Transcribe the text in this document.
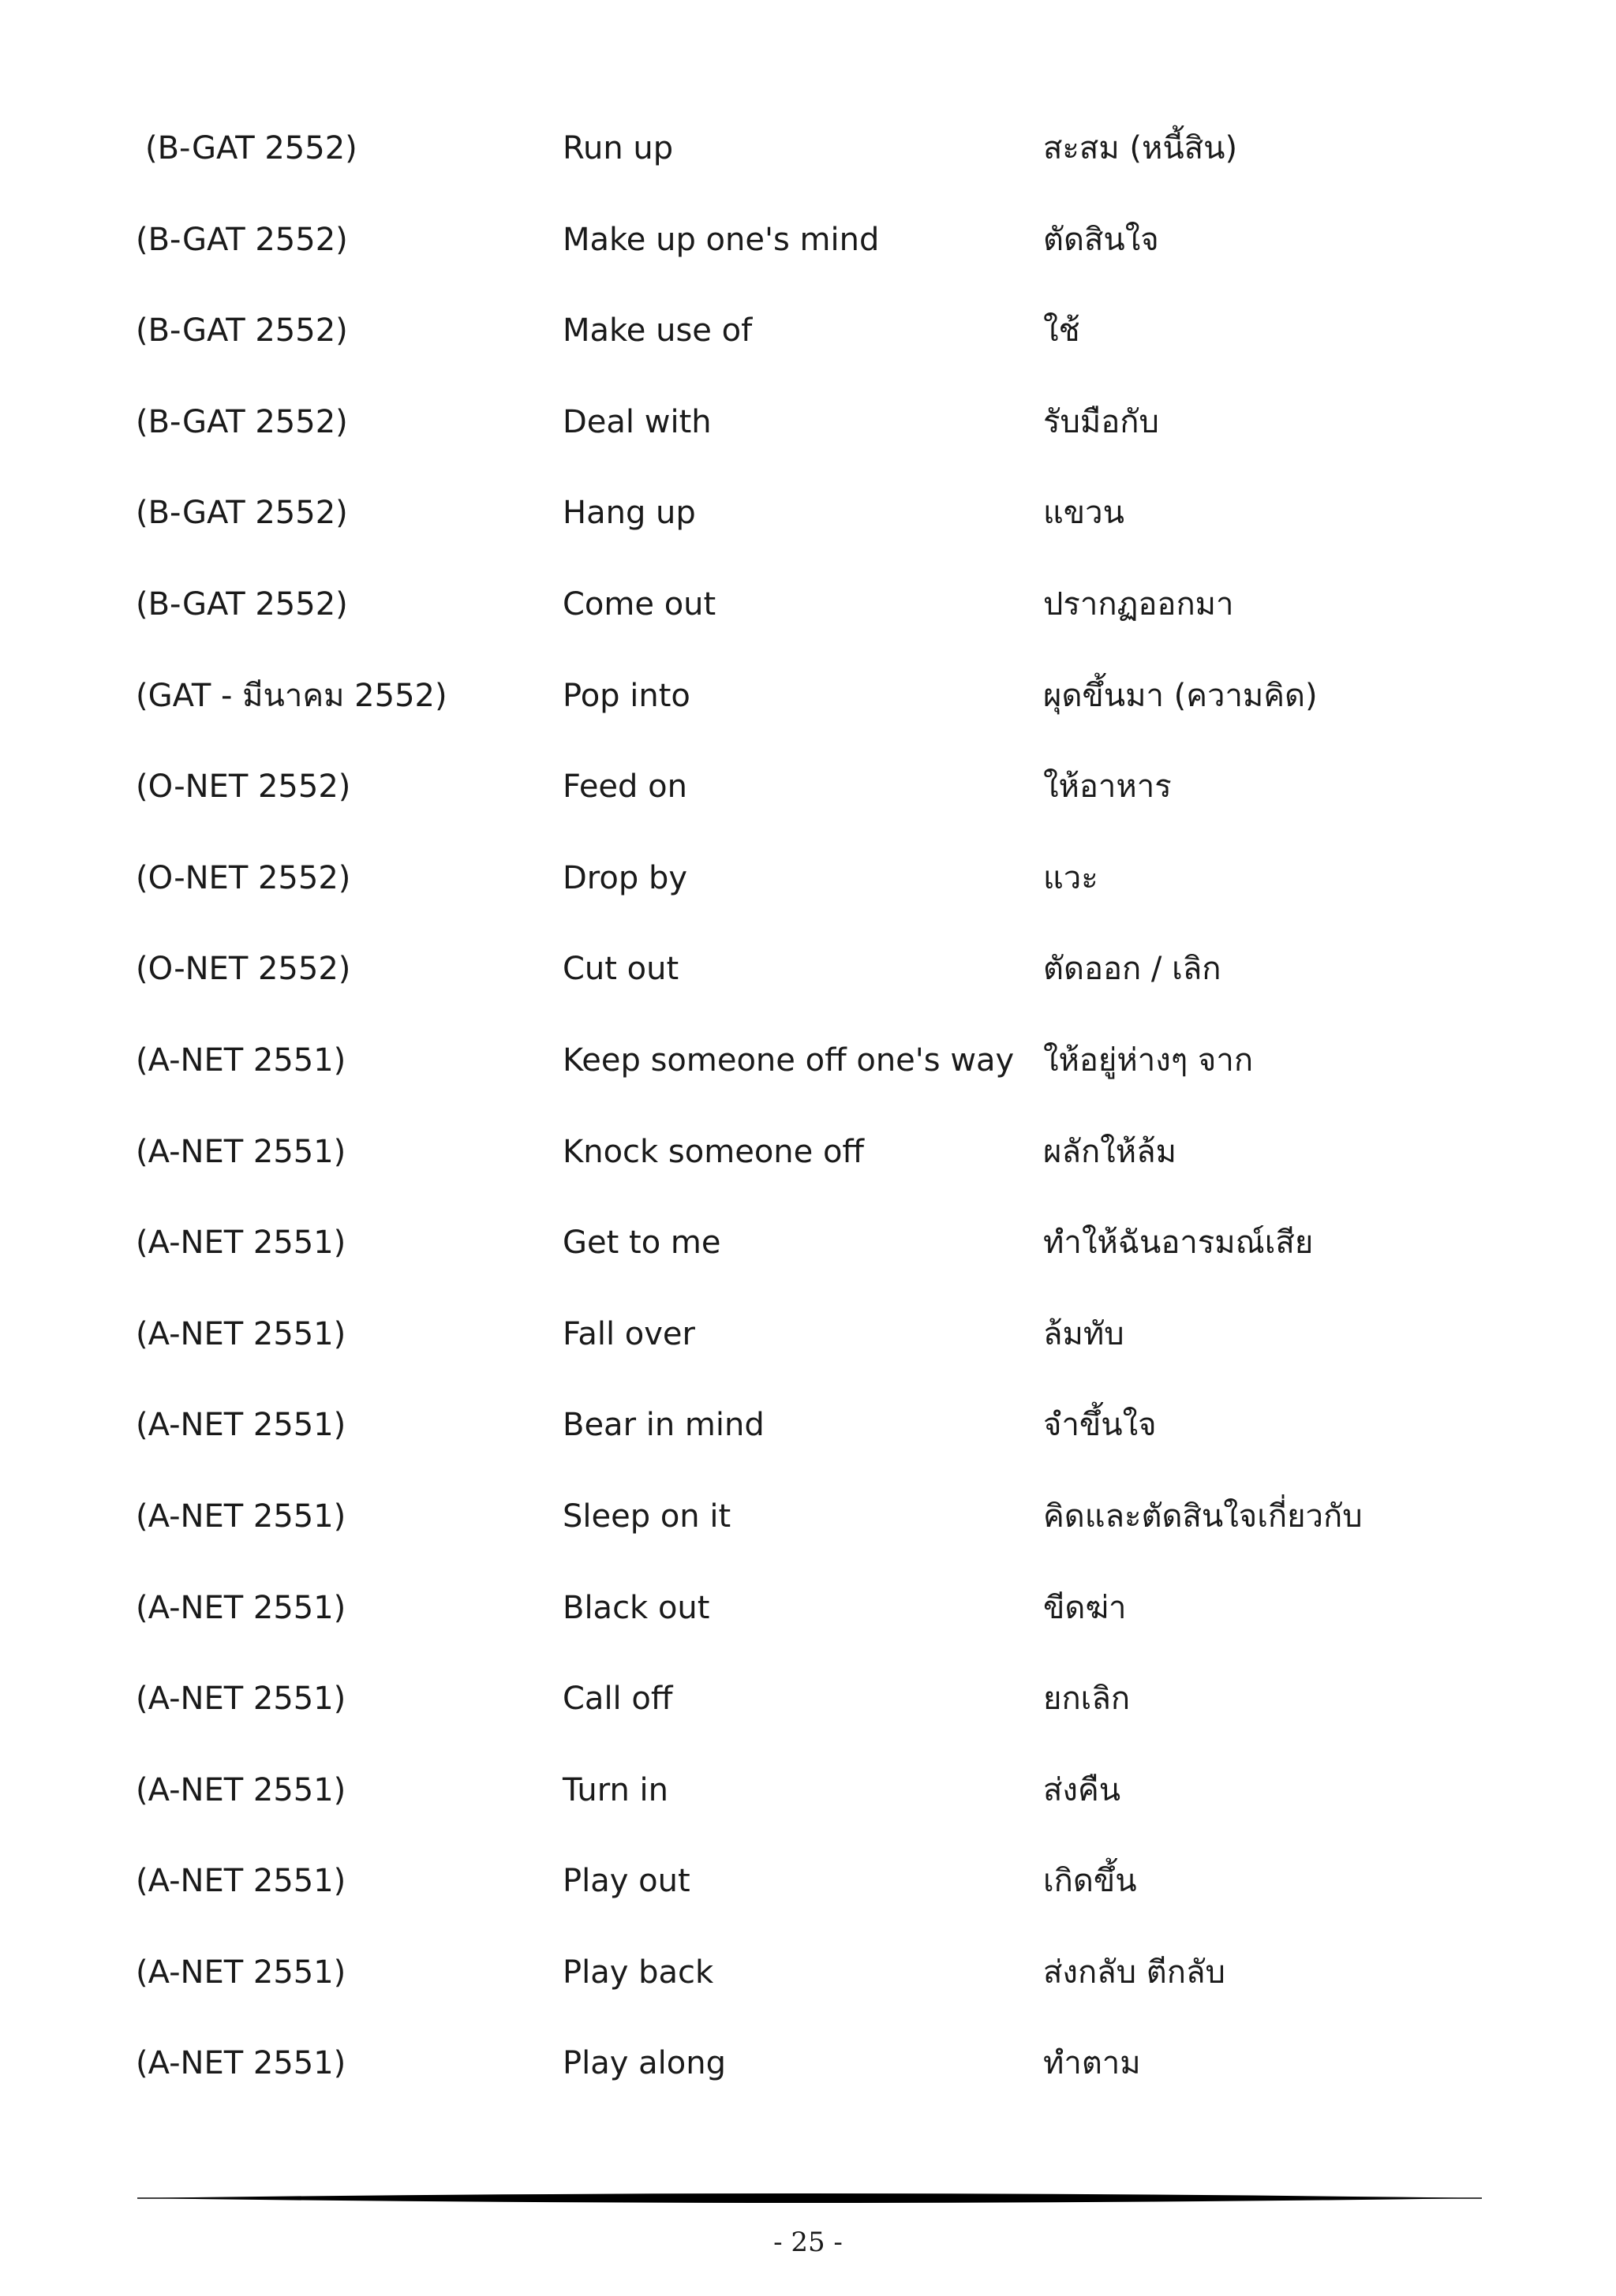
(B-GAT 2552)	Run up	สะสม (หนี้สิน)
(B-GAT 2552)	Make up one's mind	ตัดสินใจ
(B-GAT 2552)	Make use of	ใช้
(B-GAT 2552)	Deal with	รับมือกับ
(B-GAT 2552)	Hang up	แขวน
(B-GAT 2552)	Come out	ปรากฏออกมา
(GAT - มีนาคม 2552)	Pop into	ผุดขึ้นมา (ความคิด)
(O-NET 2552)	Feed on	ให้อาหาร
(O-NET 2552)	Drop by	แวะ
(O-NET 2552)	Cut out	ตัดออก / เลิก
(A-NET 2551)	Keep someone off one's way ให้อยู่ห่างๆ จาก
(A-NET 2551)	Knock someone off	ผลักให้ล้ม
(A-NET 2551)	Get to me	ทำให้ฉันอารมณ์เสีย
(A-NET 2551)	Fall over	ล้มทับ
(A-NET 2551)	Bear in mind	จำขึ้นใจ
(A-NET 2551)	Sleep on it	คิดและตัดสินใจเกี่ยวกับ
(A-NET 2551)	Black out	ขีดฆ่า
(A-NET 2551)	Call off	ยกเลิก
(A-NET 2551)	Turn in	ส่งคืน
(A-NET 2551)	Play out	เกิดขึ้น
(A-NET 2551)	Play back	ส่งกลับ ตีกลับ
(A-NET 2551)	Play along	ทำตาม
- 25 -
